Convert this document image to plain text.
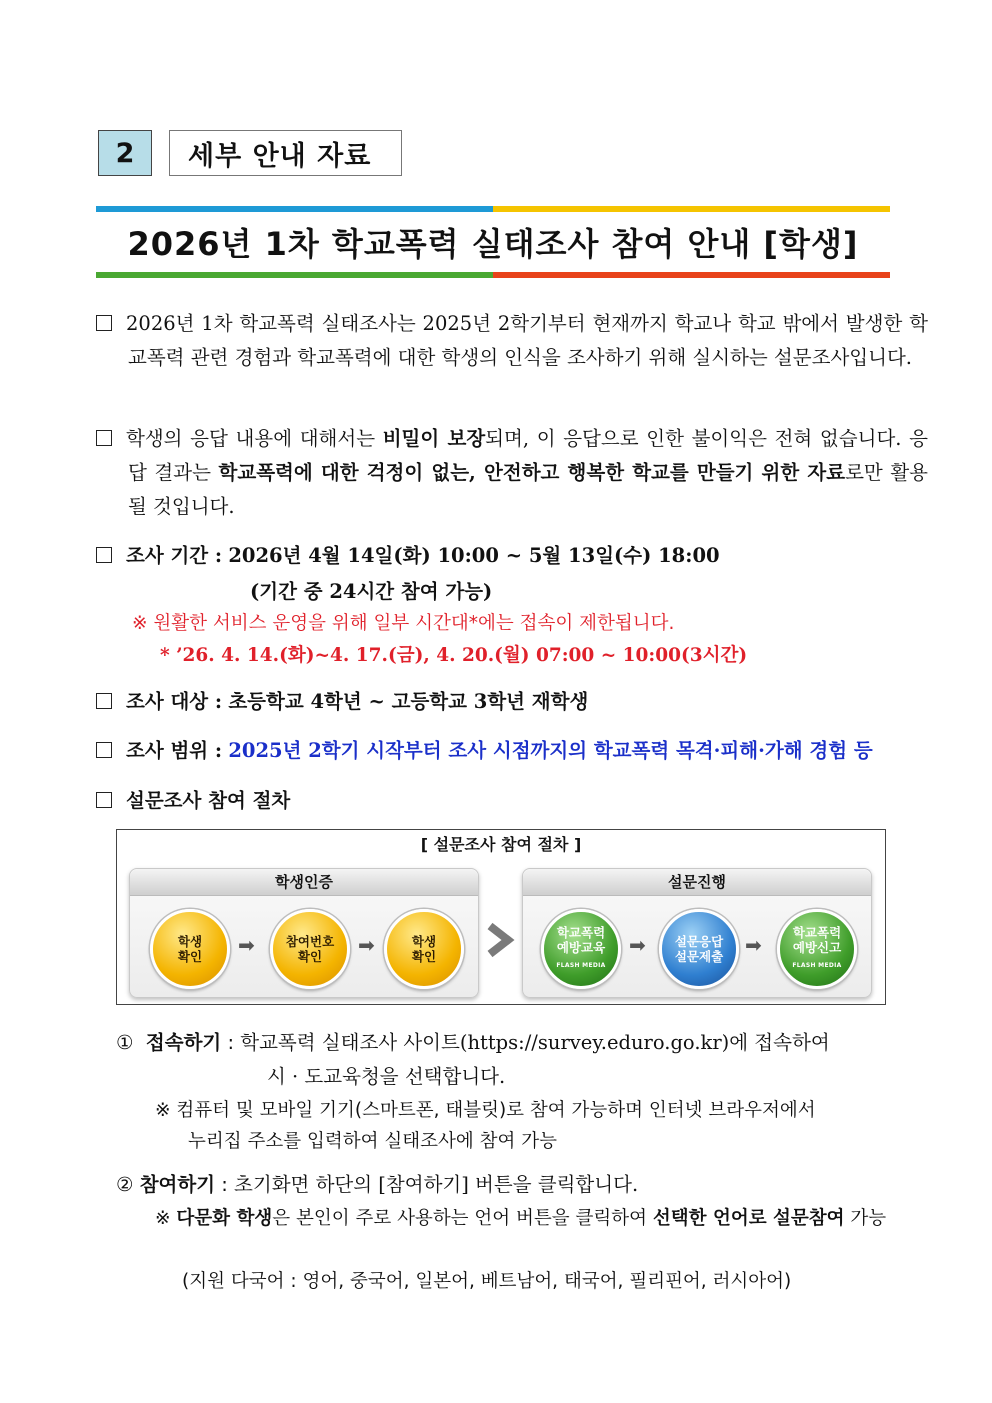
2	세부 안내 자료
2026년 1차 학교폭력 실태조사 참여 안내 [학생]
2026년 1차 학교폭력 실태조사는 2025년 2학기부터 현재까지 학교나 학교 밖에서 발생한 학교폭력 관련 경험과 학교폭력에 대한 학생의 인식을 조사하기 위해 실시하는 설문조사입니다.
학생의 응답 내용에 대해서는 비밀이 보장되며, 이 응답으로 인한 불이익은 전혀 없습니다. 응답 결과는 학교폭력에 대한 걱정이 없는, 안전하고 행복한 학교를 만들기 위한 자료로만 활용될 것입니다.
조사 기간 : 2026년 4월 14일(화) 10:00 ~ 5월 13일(수) 18:00
(기간 중 24시간 참여 가능)
※ 원활한 서비스 운영을 위해 일부 시간대*에는 접속이 제한됩니다.
* ’26. 4. 14.(화)~4. 17.(금), 4. 20.(월) 07:00 ~ 10:00(3시간)
조사 대상 : 초등학교 4학년 ~ 고등학교 3학년 재학생
조사 범위 : 2025년 2학기 시작부터 조사 시점까지의 학교폭력 목격·피해·가해 경험 등
설문조사 참여 절차
[ 설문조사 참여 절차 ]
학생인증
학생
확인 ➡ 참여번호
확인 ➡	학생
확인
설문진행
학교폭력
예방교육
FLASH MEDIA
➡ 설문응답
설문제출 ➡
학교폭력
예방신고
FLASH MEDIA
① 접속하기 : 학교폭력 실태조사 사이트(https://survey.eduro.go.kr)에 접속하여
시 · 도교육청을 선택합니다.
※ 컴퓨터 및 모바일 기기(스마트폰, 태블릿)로 참여 가능하며 인터넷 브라우저에서
누리집 주소를 입력하여 실태조사에 참여 가능
② 참여하기 : 초기화면 하단의 [참여하기] 버튼을 클릭합니다.
※ 다문화 학생은 본인이 주로 사용하는 언어 버튼을 클릭하여 선택한 언어로 설문참여 가능
(지원 다국어 : 영어, 중국어, 일본어, 베트남어, 태국어, 필리핀어, 러시아어)
